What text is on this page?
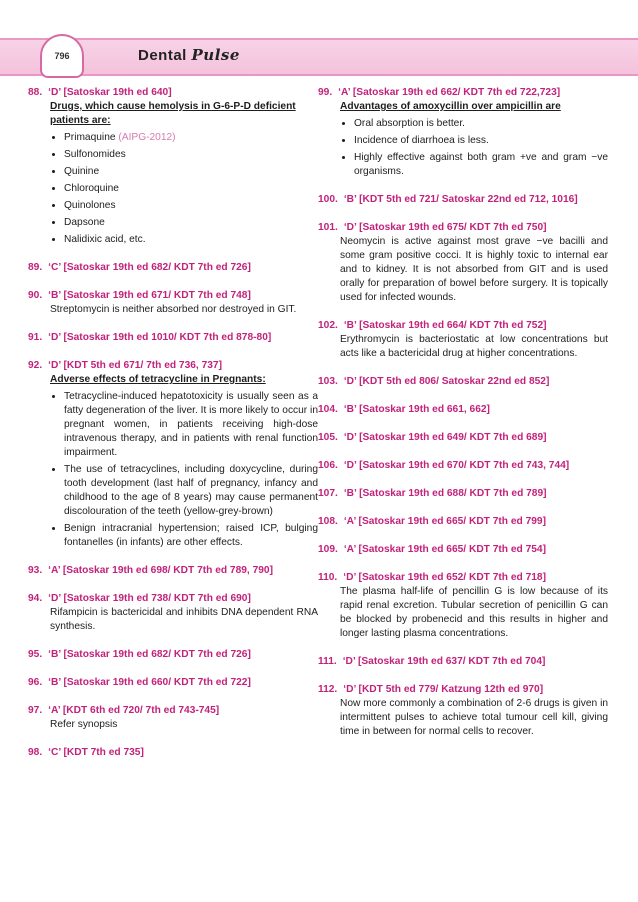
796	Dental Pulse
88. ‘D’ [Satoskar 19th ed 640]
Drugs, which cause hemolysis in G-6-P-D deficient patients are:
• Primaquine (AIPG-2012)
• Sulfonomides
• Quinine
• Chloroquine
• Quinolones
• Dapsone
• Nalidixic acid, etc.
89. ‘C’ [Satoskar 19th ed 682/ KDT 7th ed 726]
90. ‘B’ [Satoskar 19th ed 671/ KDT 7th ed 748]
Streptomycin is neither absorbed nor destroyed in GIT.
91. ‘D’ [Satoskar 19th ed 1010/ KDT 7th ed 878-80]
92. ‘D’ [KDT 5th ed 671/ 7th ed 736, 737]
Adverse effects of tetracycline in Pregnants:
• Tetracycline-induced hepatotoxicity is usually seen as a fatty degeneration of the liver. It is more likely to occur in pregnant women, in patients receiving high-dose intravenous therapy, and in patients with renal function impairment.
• The use of tetracyclines, including doxycycline, during tooth development (last half of pregnancy, infancy and childhood to the age of 8 years) may cause permanent discolouration of the teeth (yellow-grey-brown)
• Benign intracranial hypertension; raised ICP, bulging fontanelles (in infants) are other effects.
93. ‘A’ [Satoskar 19th ed 698/ KDT 7th ed 789, 790]
94. ‘D’ [Satoskar 19th ed 738/ KDT 7th ed 690]
Rifampicin is bactericidal and inhibits DNA dependent RNA synthesis.
95. ‘B’ [Satoskar 19th ed 682/ KDT 7th ed 726]
96. ‘B’ [Satoskar 19th ed 660/ KDT 7th ed 722]
97. ‘A’ [KDT 6th ed 720/ 7th ed 743-745]
Refer synopsis
98. ‘C’ [KDT 7th ed 735]
99. ‘A’ [Satoskar 19th ed 662/ KDT 7th ed 722,723]
Advantages of amoxycillin over ampicillin are
• Oral absorption is better.
• Incidence of diarrhoea is less.
• Highly effective against both gram +ve and gram −ve organisms.
100. ‘B’ [KDT 5th ed 721/ Satoskar 22nd ed 712, 1016]
101. ‘D’ [Satoskar 19th ed 675/ KDT 7th ed 750]
Neomycin is active against most grave −ve bacilli and some gram positive cocci. It is highly toxic to internal ear and to kidney. It is not absorbed from GIT and is used orally for preparation of bowel before surgery. It is topically used for infected wounds.
102. ‘B’ [Satoskar 19th ed 664/ KDT 7th ed 752]
Erythromycin is bacteriostatic at low concentrations but acts like a bactericidal drug at higher concentrations.
103. ‘D’ [KDT 5th ed 806/ Satoskar 22nd ed 852]
104. ‘B’ [Satoskar 19th ed 661, 662]
105. ‘D’ [Satoskar 19th ed 649/ KDT 7th ed 689]
106. ‘D’ [Satoskar 19th ed 670/ KDT 7th ed 743, 744]
107. ‘B’ [Satoskar 19th ed 688/ KDT 7th ed 789]
108. ‘A’ [Satoskar 19th ed 665/ KDT 7th ed 799]
109. ‘A’ [Satoskar 19th ed 665/ KDT 7th ed 754]
110. ‘D’ [Satoskar 19th ed 652/ KDT 7th ed 718]
The plasma half-life of pencillin G is low because of its rapid renal excretion. Tubular secretion of penicillin G can be blocked by probenecid and this results in higher and longer lasting plasma concentrations.
111. ‘D’ [Satoskar 19th ed 637/ KDT 7th ed 704]
112. ‘D’ [KDT 5th ed 779/ Katzung 12th ed 970]
Now more commonly a combination of 2-6 drugs is given in intermittent pulses to achieve total tumour cell kill, giving time in between for normal cells to recover.
